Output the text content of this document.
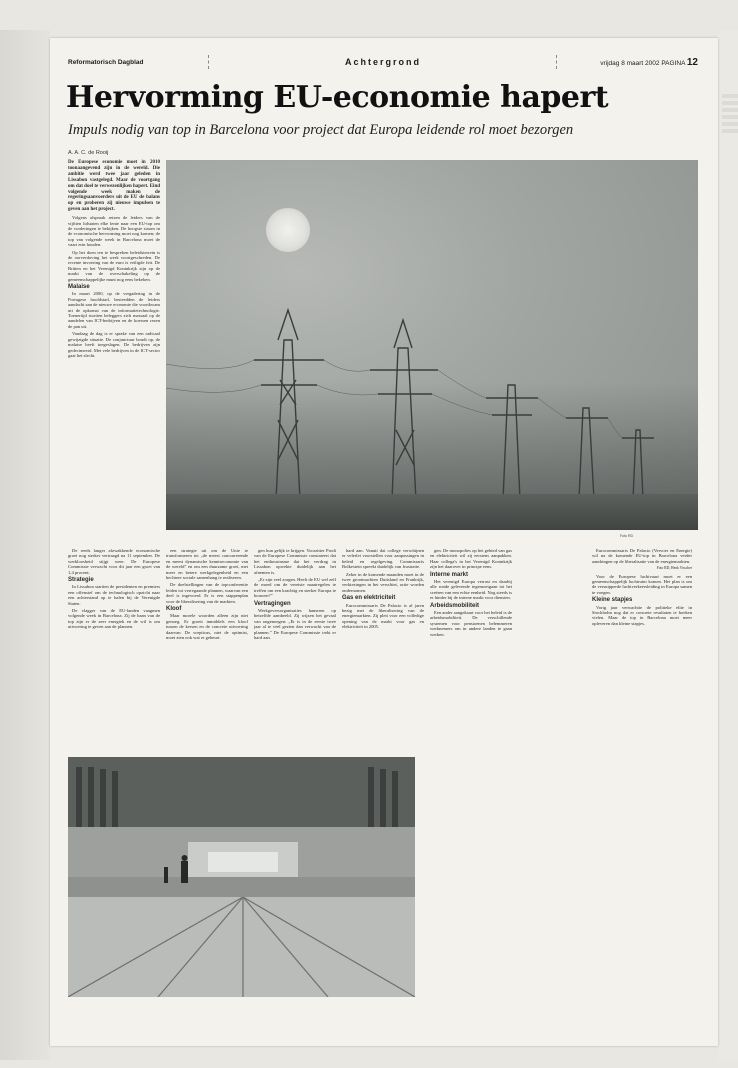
Reformatorisch Dagblad	Achtergrond	vrijdag 8 maart 2002 PAGINA 12
Hervorming EU-economie hapert
Impuls nodig van top in Barcelona voor project dat Europa leidende rol moet bezorgen
A. A. C. de Rooij

De Europese economie moet in 2010 toonaangevend zijn in de wereld. Die ambitie werd twee jaar geleden in Lissabon vastgelegd. Maar de voortgang om dat doel te verwezenlijken hapert. Eind volgende week maken de regeringsaanvoerders uit de EU de balans op en proberen zij nieuwe impulsen te geven aan het project.

Volgens afspraak reizen de leiders van de vijftien lidstaten elke lente naar een EU-top om de vorderingen te bekijken. De hoogste stoom in de economische hervorming moet nog komen; de top van volgende week in Barcelona moet de vaart erin houden.

Op het doen ten te bespreken beleidsterrein is de oorverdoving het werk voortgeschreden. De recente invoering van de euro is veiligde feit. De Britten en het Verenigd Koninkrijk zijn op de markt van de overschakeling op de gemeenschappelijke munt nog eens bekeken.

Malaise

In maart 2000, op de vergadering in de Portugese hoofdstad, besteedden de leiders aandacht aan de nieuwe economie die voortkwam uit de opkomst van de informatietechnologie. Toenertijd stortten beleggers zich massaal op de aandelen van ICT-bedrijven en de koersen rezen de pan uit.

Vandaag de dag is er sprake van een radicaal gewijzigde situatie. De conjunctuur houdt op, de malaise heeft toegeslagen. De bedrijven zijn gedecimeerd. Met vele bedrijven in de ICT-sector gaat het slecht.

De reeds langer afzwakkende economische groei nog sterker vertraagd na 11 september. De werkloosheid stijgt weer. De Europese Commissie verwacht voor dit jaar een groei van 1,4 procent.

Strategie

In Lissabon startten de presidenten en premiers een offensief om de technologisch opzicht naar een achterstand op te halen bij de Verenigde Staten.

De vlagger van de EU-landen vaagmen volgende week in Barcelona. Zij de baan van de top zijn er de zeer energiek en de wil is om uitvoering te geven aan de plannen.

een strategie uit om de Unie te transformeren tot „de meest concurrerende en meest dynamische kenniseconomie van de wereld” en om een duurzame groei, met meer en betere werkgelegenheid en een hechtere sociale samenhang te realiseren.

De doelstellingen van de topconferentie leiden tot verregaande plannen, waarvan een deel is ingevoerd. Er is een stappenplan voor de liberalisering van de markten.

Kloof

Maar morele woorden alleen zijn niet genoeg. Er groeit inmiddels een kloof tussen de kersen en de concrete uitvoering daarvan. De scepticus, niet de optimist, moet zien ook wat er gebeurt.

gen hun gelijk te krijgen. Voorzitter Prodi van de Europese Commissie constateert dat het enthousiasme dat het verdrag in Lissabon opwekte duidelijk aan het afnemen is.

„Er zijn veel zorgen. Heeft de EU wel zelf de moed om de vereiste maatregelen te treffen om een krachtig en sterker Europa te bouwen?”

Vertragingen

Werkgeversorganisaties hameren op hetzelfde aambeeld. Zij wijzen het gevaal van ongenoegen: „Er is in de eerste twee jaar al te veel gezien dan verwacht van de plannen.” De Europese Commissie trekt er hard aan.

hard aan. Vanuit dat college verschijnen er velerlei voorstellen voor aanpassingen in beleid en regelgeving. Commissaris Bolkestein spreekt duidelijk van frustratie.

Zeker in de komende maanden moet in de twee grootmachten Duitsland en Frankrijk, verkiezingen in het verschiet, actie worden ondernomen.

Gas en elektriciteit

Eurocommissaris De Palacio is al jaren bezig met de liberalisering van de energiemarkten. Zij pleit voor een volledige opening van de markt voor gas en elektriciteit in 2005.

gen. De monopolies op het gebied van gas en elektriciteit wil zij eerstens aanpakken. Haar collega's in het Verenigd Koninkrijk zijn het daarover in principe eens.

Interne markt

Het verenigd Europa verrast en daarbij alle ronde gelevende tegemoetgaan tot het creëren van een echte eenheid. Nog steeds is er hinder bij de interne markt voor diensten.

Arbeidsmobiliteit

Een ander aangekaart voor het beleid is de arbeidsmobiliteit. De verschillende systemen voor pensioenen belemmeren werknemers om in andere landen te gaan werken.

Eurocommissaris De Palacio (Vervoer en Energie) wil na de komende EU-top in Barcelona verder aandringen op de liberalisatie van de energiemarkten.

Foto RD, Henk Visscher

Voor de Europese luchtvaart moet er een gemeenschappelijk luchtruim komen. Het plan is om de versnipperde luchtverkeersleiding in Europa samen te voegen.

Kleine stapjes

Vorig jaar verwachtte de politieke elite in Stockholm nog dat er concrete resultaten te boeken vielen. Maar de top in Barcelona moet meer opleveren dan kleine stapjes.

Foto RD
